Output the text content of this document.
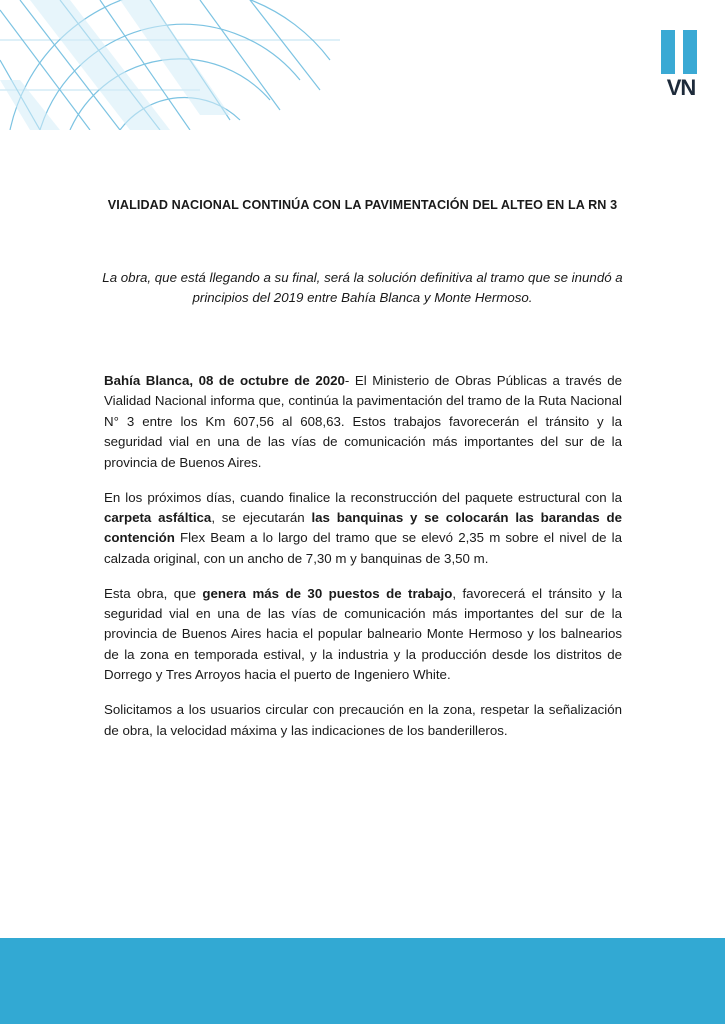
VN
VIALIDAD NACIONAL CONTINÚA CON LA PAVIMENTACIÓN DEL ALTEO EN LA RN 3
La obra, que está llegando a su final, será la solución definitiva al tramo que se inundó a principios del 2019 entre Bahía Blanca y Monte Hermoso.

Bahía Blanca, 08 de octubre de 2020- El Ministerio de Obras Públicas a través de Vialidad Nacional informa que, continúa la pavimentación del tramo de la Ruta Nacional N° 3 entre los Km 607,56 al 608,63. Estos trabajos favorecerán el tránsito y la seguridad vial en una de las vías de comunicación más importantes del sur de la provincia de Buenos Aires.

En los próximos días, cuando finalice la reconstrucción del paquete estructural con la carpeta asfáltica, se ejecutarán las banquinas y se colocarán las barandas de contención Flex Beam a lo largo del tramo que se elevó 2,35 m sobre el nivel de la calzada original, con un ancho de 7,30 m y banquinas de 3,50 m.

Esta obra, que genera más de 30 puestos de trabajo, favorecerá el tránsito y la seguridad vial en una de las vías de comunicación más importantes del sur de la provincia de Buenos Aires hacia el popular balneario Monte Hermoso y los balnearios de la zona en temporada estival, y la industria y la producción desde los distritos de Dorrego y Tres Arroyos hacia el puerto de Ingeniero White.

Solicitamos a los usuarios circular con precaución en la zona, respetar la señalización de obra, la velocidad máxima y las indicaciones de los banderilleros.
